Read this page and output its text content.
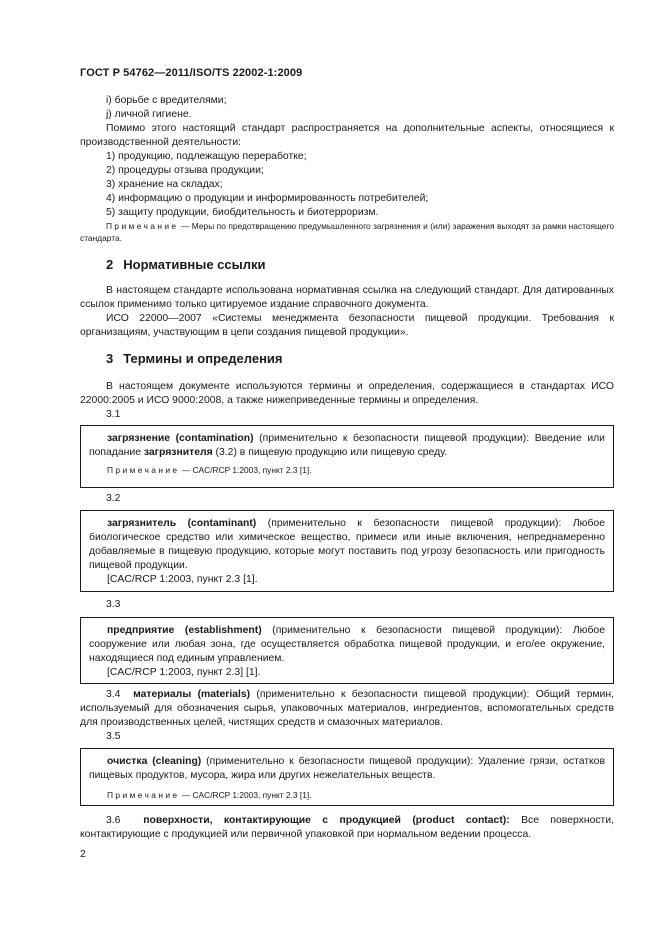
ГОСТ Р 54762—2011/ISO/TS 22002-1:2009

i) борьбе с вредителями;

j) личной гигиене.

Помимо этого настоящий стандарт распространяется на дополнительные аспекты, относящиеся к производственной деятельности:

1) продукцию, подлежащую переработке;

2) процедуры отзыва продукции;

3) хранение на складах;

4) информацию о продукции и информированность потребителей;

5) защиту продукции, биобдительность и биотерроризм.

Примечание — Меры по предотвращению предумышленного загрязнения и (или) заражения выходят за рамки настоящего стандарта.
2 Нормативные ссылки
В настоящем стандарте использована нормативная ссылка на следующий стандарт. Для датированных ссылок применимо только цитируемое издание справочного документа.
ИСО 22000—2007 «Системы менеджмента безопасности пищевой продукции. Требования к организациям, участвующим в цепи создания пищевой продукции».
3 Термины и определения
В настоящем документе используются термины и определения, содержащиеся в стандартах ИСО 22000:2005 и ИСО 9000:2008, а также нижеприведенные термины и определения.
3.1

загрязнение (contamination) (применительно к безопасности пищевой продукции): Введение или попадание загрязнителя (3.2) в пищевую продукцию или пищевую среду.

Примечание — CAC/RCP 1:2003, пункт 2.3 [1].

3.2

загрязнитель (contaminant) (применительно к безопасности пищевой продукции): Любое биологическое средство или химическое вещество, примеси или иные включения, непреднамеренно добавляемые в пищевую продукцию, которые могут поставить под угрозу безопасность или пригодность пищевой продукции.

[CAC/RCP 1:2003, пункт 2.3 [1].

3.3

предприятие (establishment) (применительно к безопасности пищевой продукции): Любое сооружение или любая зона, где осуществляется обработка пищевой продукции, и его/ее окружение, находящиеся под единым управлением.

[CAC/RCP 1:2003, пункт 2.3] [1].

3.4 материалы (materials) (применительно к безопасности пищевой продукции): Общий термин, используемый для обозначения сырья, упаковочных материалов, ингредиентов, вспомогательных средств для производственных целей, чистящих средств и смазочных материалов.
3.5

очистка (cleaning) (применительно к безопасности пищевой продукции): Удаление грязи, остатков пищевых продуктов, мусора, жира или других нежелательных веществ.

Примечание — CAC/RCP 1:2003, пункт 2.3 [1].

3.6 поверхности, контактирующие с продукцией (product contact): Все поверхности, контактирующие с продукцией или первичной упаковкой при нормальном ведении процесса.
2
